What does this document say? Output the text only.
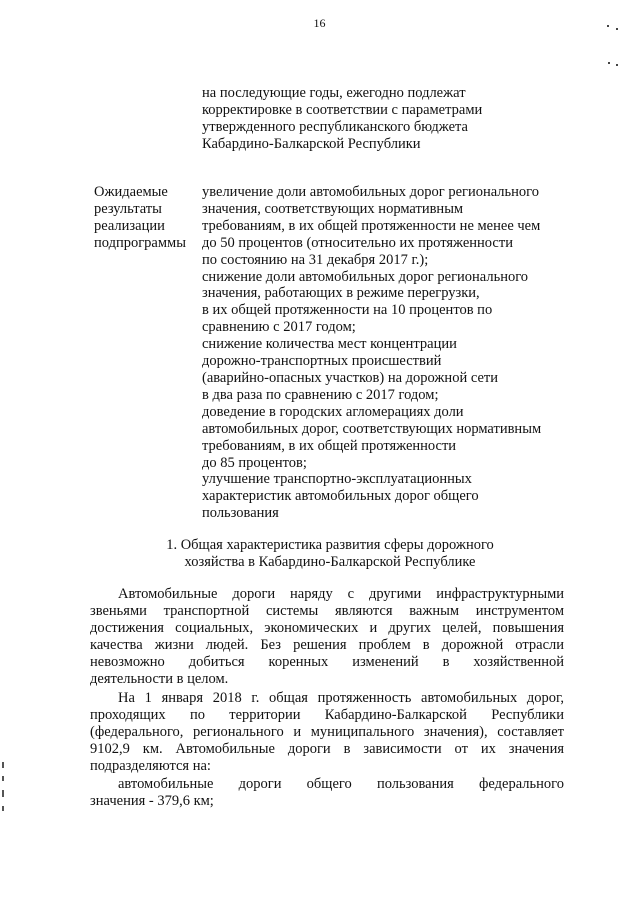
16
на последующие годы, ежегодно подлежат
корректировке в соответствии с параметрами
утвержденного республиканского бюджета
Кабардино-Балкарской Республики
Ожидаемые
результаты
реализации
подпрограммы
увеличение доли автомобильных дорог регионального
значения, соответствующих нормативным
требованиям, в их общей протяженности не менее чем
до 50 процентов (относительно их протяженности
по состоянию на 31 декабря 2017 г.);
снижение доли автомобильных дорог регионального
значения, работающих в режиме перегрузки,
в их общей протяженности на 10 процентов по
сравнению с 2017 годом;
снижение количества мест концентрации
дорожно-транспортных происшествий
(аварийно-опасных участков) на дорожной сети
в два раза по сравнению с 2017 годом;
доведение в городских агломерациях доли
автомобильных дорог, соответствующих нормативным
требованиям, в их общей протяженности
до 85 процентов;
улучшение транспортно-эксплуатационных
характеристик автомобильных дорог общего
пользования
1. Общая характеристика развития сферы дорожного
хозяйства в Кабардино-Балкарской Республике
Автомобильные дороги наряду с другими инфраструктурными
звеньями транспортной системы являются важным инструментом
достижения социальных, экономических и других целей, повышения
качества жизни людей. Без решения проблем в дорожной отрасли
невозможно добиться коренных изменений в хозяйственной
деятельности в целом.
На 1 января 2018 г. общая протяженность автомобильных дорог,
проходящих по территории Кабардино-Балкарской Республики
(федерального, регионального и муниципального значения), составляет
9102,9 км. Автомобильные дороги в зависимости от их значения
подразделяются на:
автомобильные дороги общего пользования федерального
значения - 379,6 км;
